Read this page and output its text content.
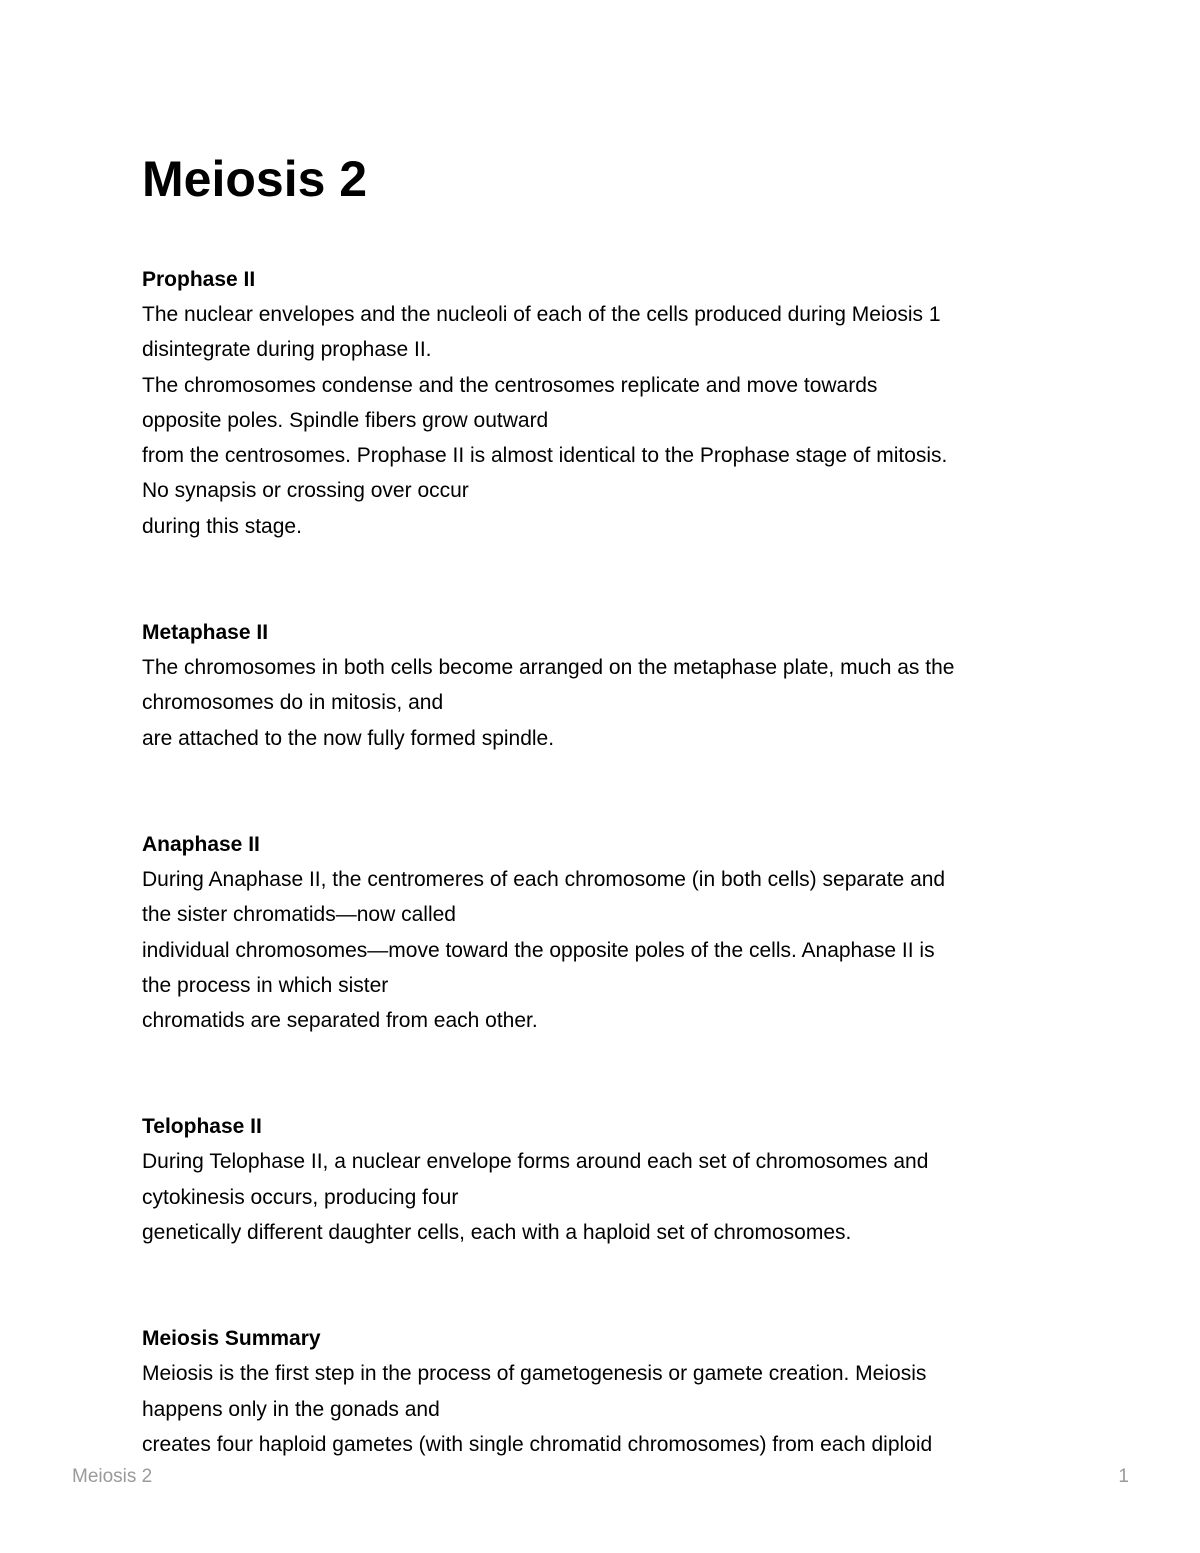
Meiosis 2
Prophase II
The nuclear envelopes and the nucleoli of each of the cells produced during Meiosis 1
disintegrate during prophase II.
The chromosomes condense and the centrosomes replicate and move towards
opposite poles. Spindle fibers grow outward
from the centrosomes. Prophase II is almost identical to the Prophase stage of mitosis.
No synapsis or crossing over occur
during this stage.
Metaphase II
The chromosomes in both cells become arranged on the metaphase plate, much as the
chromosomes do in mitosis, and
are attached to the now fully formed spindle.
Anaphase II
During Anaphase II, the centromeres of each chromosome (in both cells) separate and
the sister chromatids—now called
individual chromosomes—move toward the opposite poles of the cells. Anaphase II is
the process in which sister
chromatids are separated from each other.
Telophase II
During Telophase II, a nuclear envelope forms around each set of chromosomes and
cytokinesis occurs, producing four
genetically different daughter cells, each with a haploid set of chromosomes.
Meiosis Summary
Meiosis is the first step in the process of gametogenesis or gamete creation. Meiosis
happens only in the gonads and
creates four haploid gametes (with single chromatid chromosomes) from each diploid
Meiosis 2	1
